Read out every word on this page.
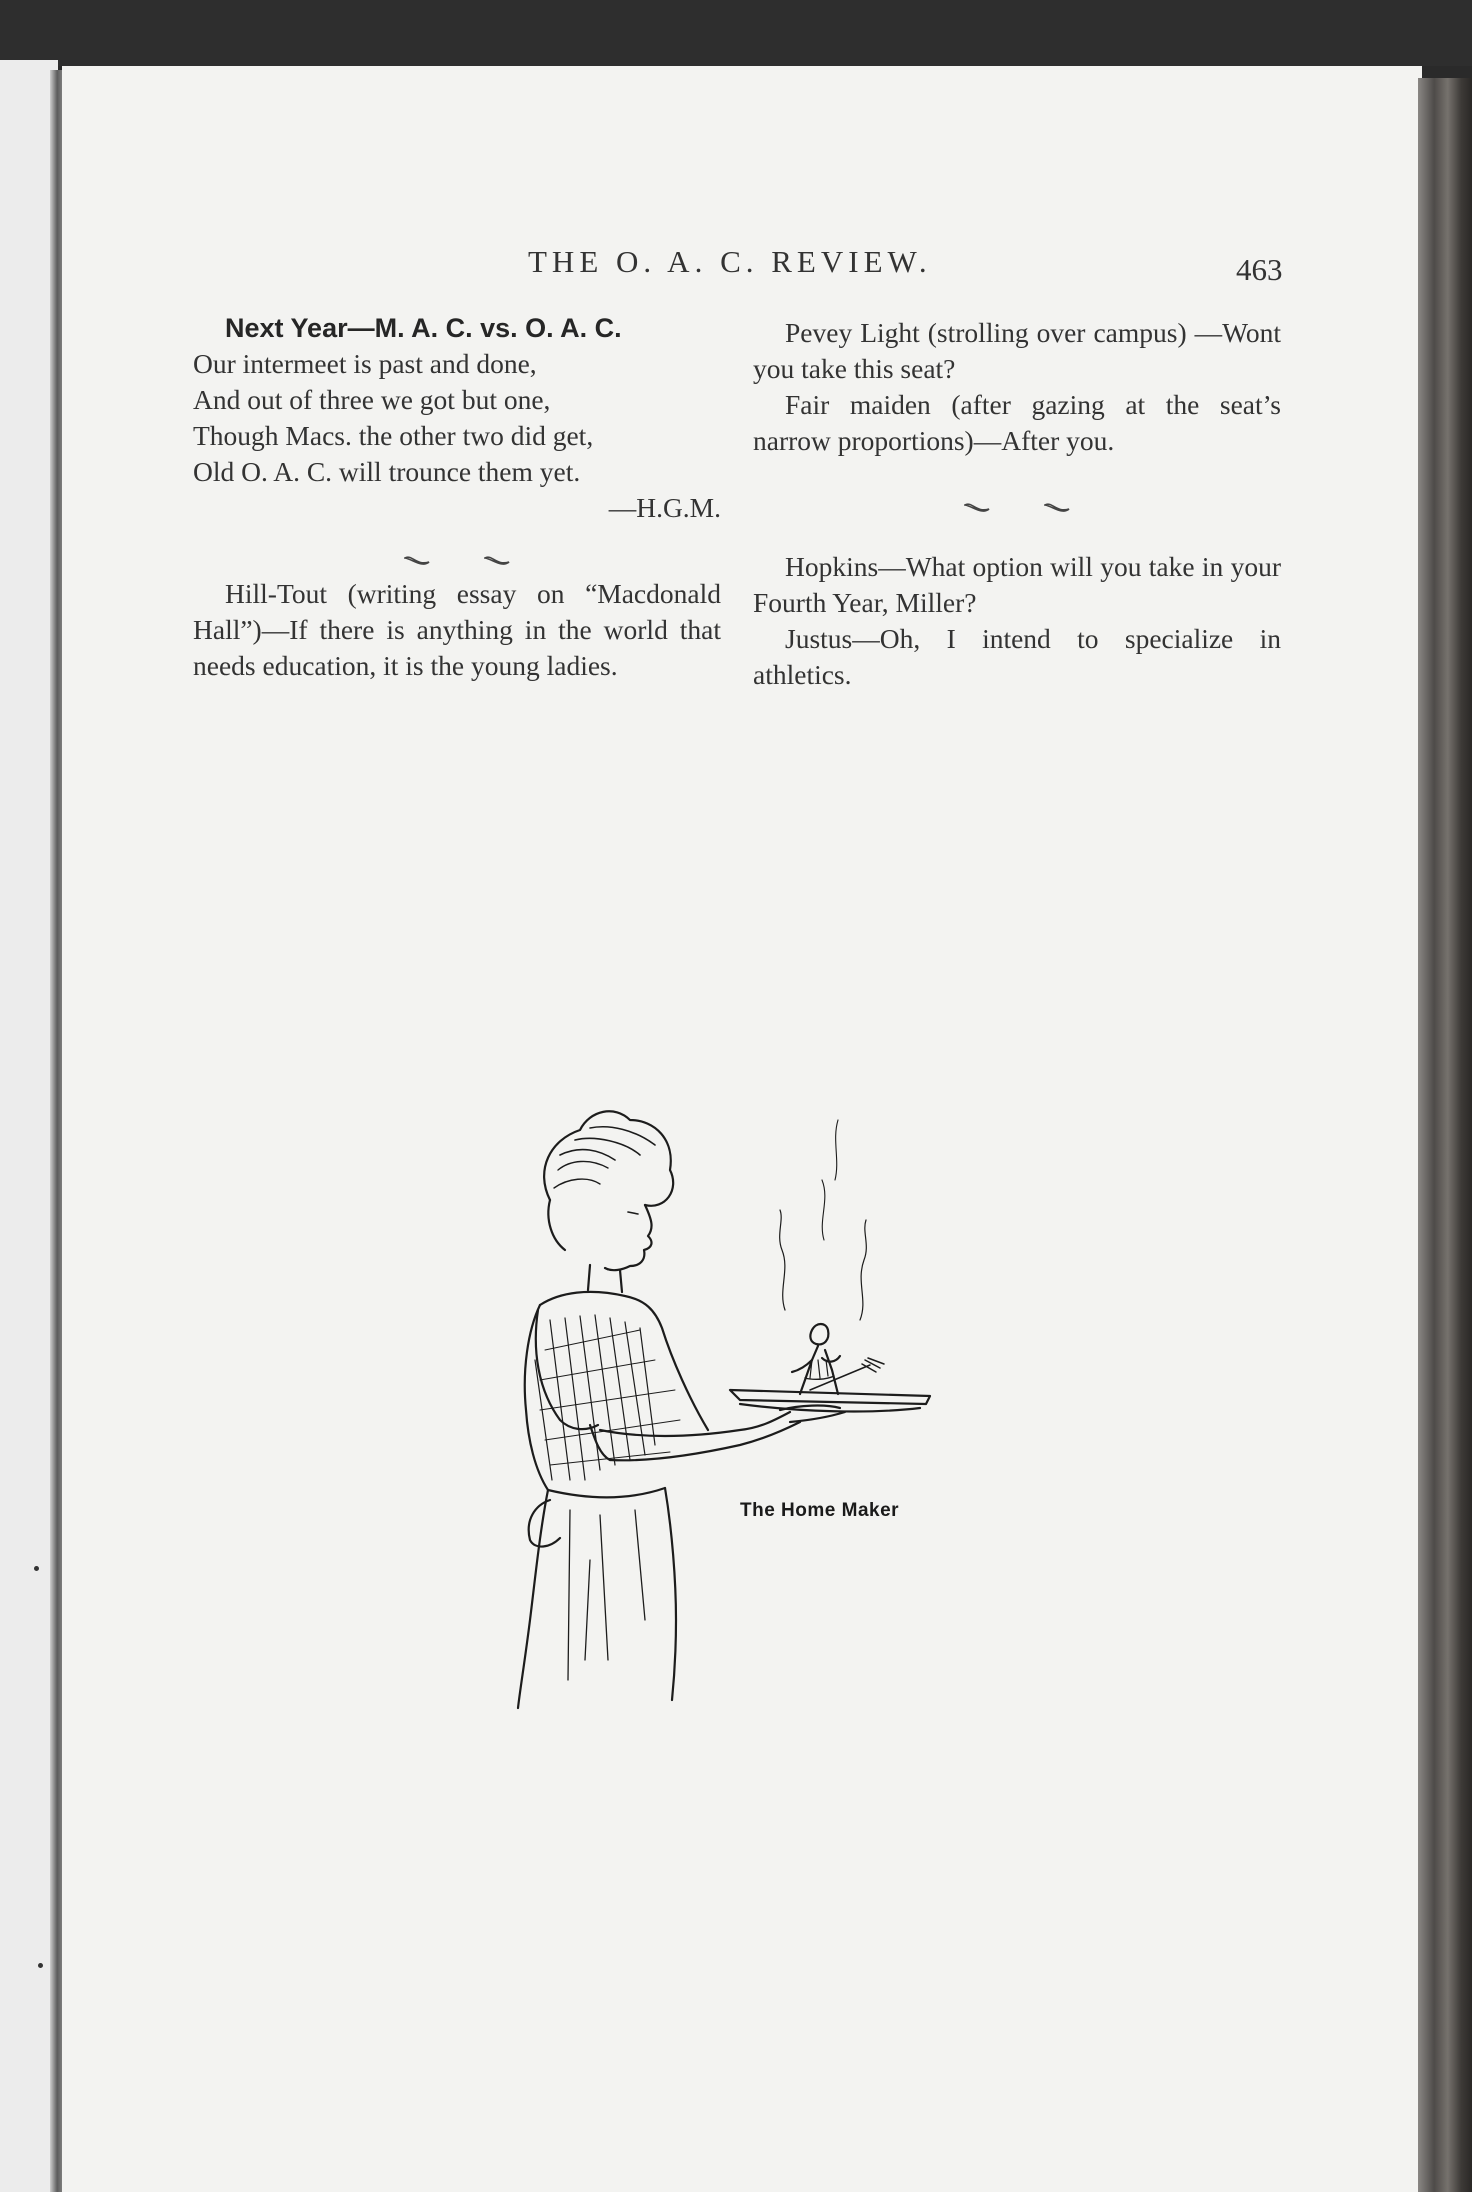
THE O. A. C. REVIEW.	463

Next Year—M. A. C. vs. O. A. C.

Our intermeet is past and done,

And out of three we got but one,

Though Macs. the other two did get,

Old O. A. C. will trounce them yet.

—H.G.M.

Hill-Tout (writing essay on “Macdonald Hall”)—If there is anything in the world that needs education, it is the young ladies.

Pevey Light (strolling over campus) —Wont you take this seat?

Fair maiden (after gazing at the seat’s narrow proportions)—After you.

Hopkins—What option will you take in your Fourth Year, Miller?

Justus—Oh, I intend to specialize in athletics.

The Home Maker
